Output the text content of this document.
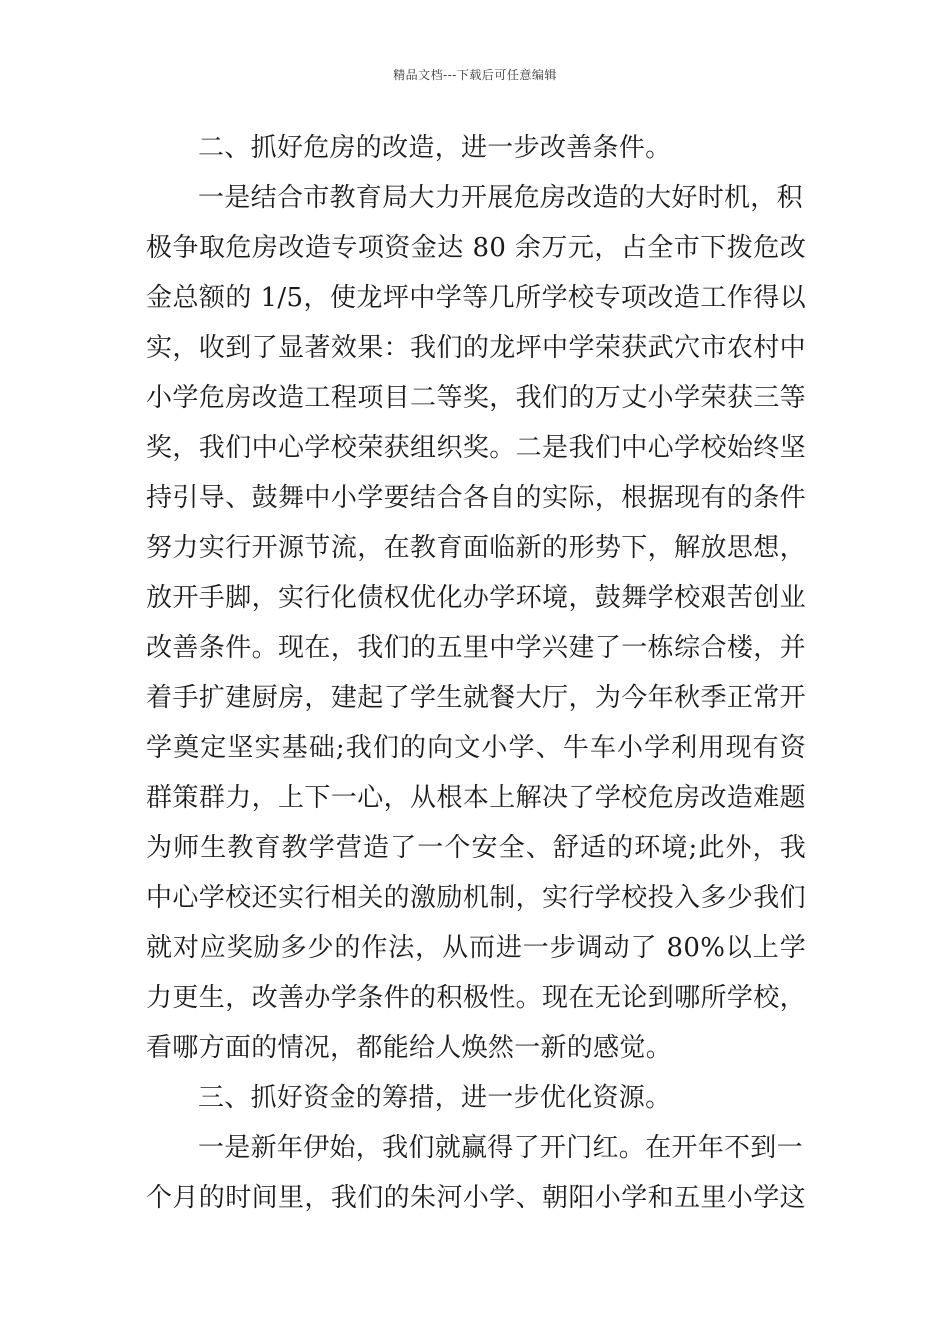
精品文档---下载后可任意编辑
二、抓好危房的改造，进一步改善条件。
一是结合市教育局大力开展危房改造的大好时机，积
极争取危房改造专项资金达 80 余万元，占全市下拨危改
金总额的 1/5，使龙坪中学等几所学校专项改造工作得以
实，收到了显著效果：我们的龙坪中学荣获武穴市农村中
小学危房改造工程项目二等奖，我们的万丈小学荣获三等
奖，我们中心学校荣获组织奖。二是我们中心学校始终坚
持引导、鼓舞中小学要结合各自的实际，根据现有的条件
努力实行开源节流，在教育面临新的形势下，解放思想，
放开手脚，实行化债权优化办学环境，鼓舞学校艰苦创业
改善条件。现在，我们的五里中学兴建了一栋综合楼，并
着手扩建厨房，建起了学生就餐大厅，为今年秋季正常开
学奠定坚实基础;我们的向文小学、牛车小学利用现有资
群策群力，上下一心，从根本上解决了学校危房改造难题
为师生教育教学营造了一个安全、舒适的环境;此外，我
中心学校还实行相关的激励机制，实行学校投入多少我们
就对应奖励多少的作法，从而进一步调动了 80%以上学
力更生，改善办学条件的积极性。现在无论到哪所学校，
看哪方面的情况，都能给人焕然一新的感觉。
三、抓好资金的筹措，进一步优化资源。
一是新年伊始，我们就赢得了开门红。在开年不到一
个月的时间里，我们的朱河小学、朝阳小学和五里小学这
